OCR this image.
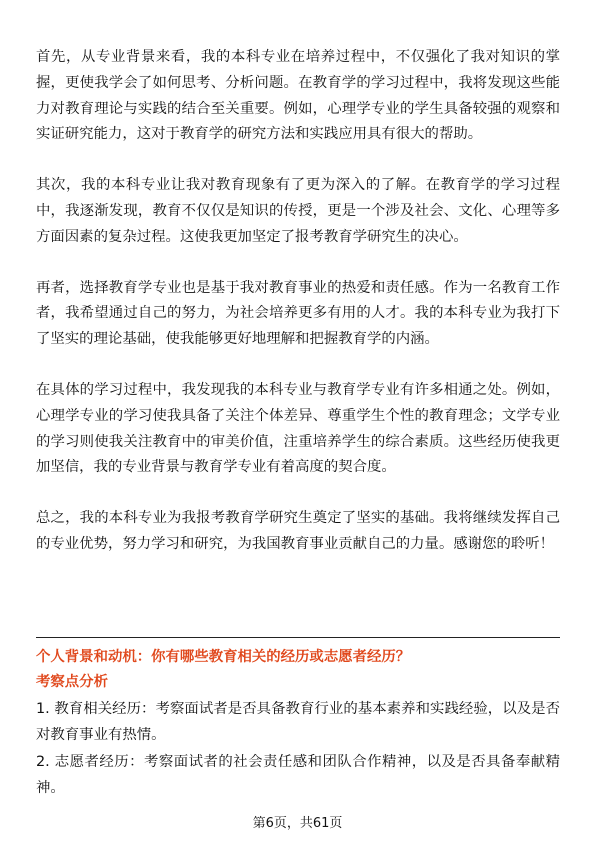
首先，从专业背景来看，我的本科专业在培养过程中，不仅强化了我对知识的掌握，更使我学会了如何思考、分析问题。在教育学的学习过程中，我将发现这些能力对教育理论与实践的结合至关重要。例如，心理学专业的学生具备较强的观察和实证研究能力，这对于教育学的研究方法和实践应用具有很大的帮助。

其次，我的本科专业让我对教育现象有了更为深入的了解。在教育学的学习过程中，我逐渐发现，教育不仅仅是知识的传授，更是一个涉及社会、文化、心理等多方面因素的复杂过程。这使我更加坚定了报考教育学研究生的决心。

再者，选择教育学专业也是基于我对教育事业的热爱和责任感。作为一名教育工作者，我希望通过自己的努力，为社会培养更多有用的人才。我的本科专业为我打下了坚实的理论基础，使我能够更好地理解和把握教育学的内涵。

在具体的学习过程中，我发现我的本科专业与教育学专业有许多相通之处。例如，心理学专业的学习使我具备了关注个体差异、尊重学生个性的教育理念；文学专业的学习则使我关注教育中的审美价值，注重培养学生的综合素质。这些经历使我更加坚信，我的专业背景与教育学专业有着高度的契合度。

总之，我的本科专业为我报考教育学研究生奠定了坚实的基础。我将继续发挥自己的专业优势，努力学习和研究，为我国教育事业贡献自己的力量。感谢您的聆听！

个人背景和动机：你有哪些教育相关的经历或志愿者经历？
考察点分析

1. 教育相关经历：考察面试者是否具备教育行业的基本素养和实践经验，以及是否对教育事业有热情。

2. 志愿者经历：考察面试者的社会责任感和团队合作精神，以及是否具备奉献精神。

第6页，共61页
